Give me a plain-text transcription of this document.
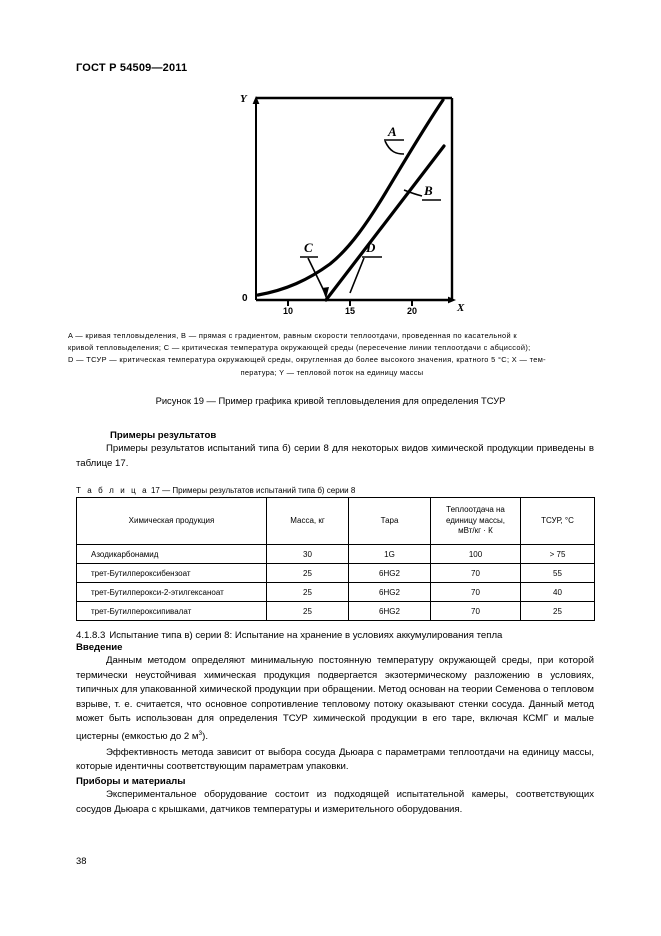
ГОСТ Р 54509—2011
A
B
C	D
Y
0
X
10	15	20
A — кривая тепловыделения, B — прямая с градиентом, равным скорости теплоотдачи, проведенная по касательной к
кривой тепловыделения; C — критическая температура окружающей среды (пересечение линии теплоотдачи с абциссой);
D — ТСУР — критическая температура окружающей среды, округленная до более высокого значения, кратного 5 °C; X — тем-
пература; Y — тепловой поток на единицу массы
Рисунок 19 — Пример графика кривой тепловыделения для определения ТСУР
Примеры результатов
Примеры результатов испытаний типа б) серии 8 для некоторых видов химической продукции приведены в таблице 17.
Т а б л и ц а 17 — Примеры результатов испытаний типа б) серии 8
Химическая продукция	Масса, кг	Тара	Теплоотдача на
единицу массы,
мВт/кг · К	ТСУР, °С
Азодикарбонамид	30	1G	100	> 75
трет-Бутилпероксибензоат	25	6HG2	70	55
трет-Бутилперокси-2-этилгексаноат	25	6HG2	70	40
трет-Бутилпероксипивалат	25	6HG2	70	25
4.1.8.3 Испытание типа в) серии 8: Испытание на хранение в условиях аккумулирования тепла
Введение
Данным методом определяют минимальную постоянную температуру окружающей среды, при которой термически неустойчивая химическая продукция подвергается экзотермическому разложению в условиях, типичных для упакованной химической продукции при обращении. Метод основан на теории Семенова о тепловом взрыве, т. е. считается, что основное сопротивление тепловому потоку оказывают стенки сосуда. Данный метод может быть использован для определения ТСУР химической продукции в его таре, включая КСМГ и малые цистерны (емкостью до 2 $м^3$).
Эффективность метода зависит от выбора сосуда Дьюара с параметрами теплоотдачи на единицу массы, которые идентичны соответствующим параметрам упаковки.
Приборы и материалы
Экспериментальное оборудование состоит из подходящей испытательной камеры, соответствующих сосудов Дьюара с крышками, датчиков температуры и измерительного оборудования.
38
